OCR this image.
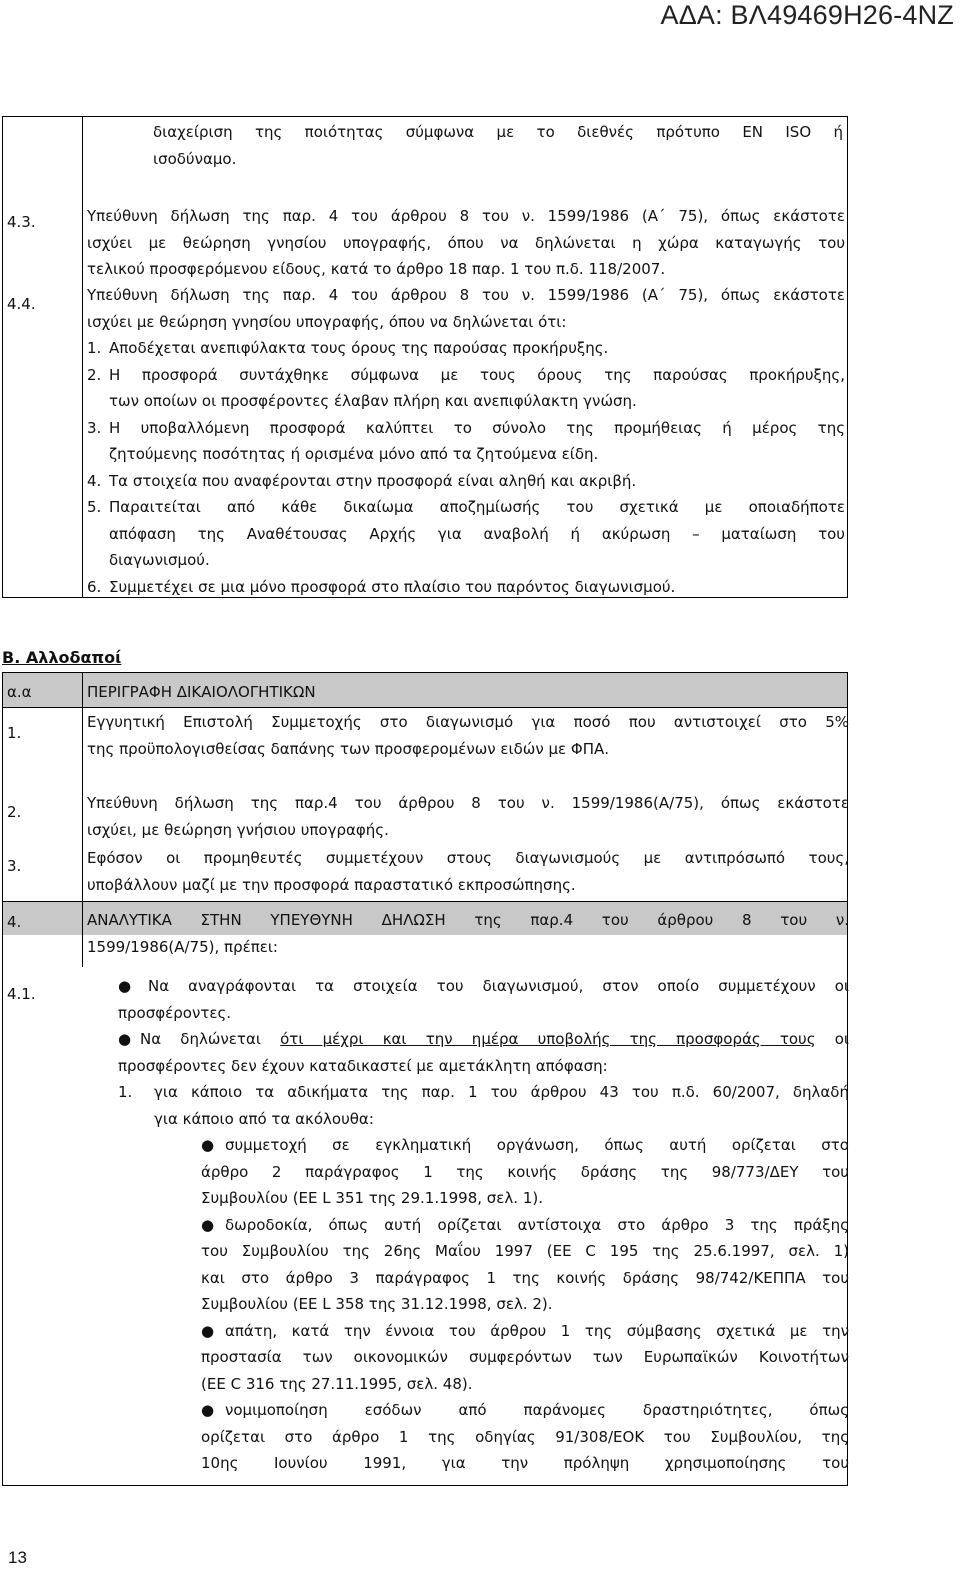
ΑΔΑ: ΒΛ49469Η26-4ΝΖ
διαχείριση της ποιότητας σύμφωνα με το διεθνές πρότυπο EN ISO ή
ισοδύναμο.
4.3.	Υπεύθυνη δήλωση της παρ. 4 του άρθρου 8 του ν. 1599/1986 (Α΄ 75), όπως εκάστοτε
ισχύει με θεώρηση γνησίου υπογραφής, όπου να δηλώνεται η χώρα καταγωγής του
τελικού προσφερόμενου είδους, κατά το άρθρο 18 παρ. 1 του π.δ. 118/2007.
4.4.	Υπεύθυνη δήλωση της παρ. 4 του άρθρου 8 του ν. 1599/1986 (Α΄ 75), όπως εκάστοτε
ισχύει με θεώρηση γνησίου υπογραφής, όπου να δηλώνεται ότι:
1. Αποδέχεται ανεπιφύλακτα τους όρους της παρούσας προκήρυξης.
2. Η προσφορά συντάχθηκε σύμφωνα με τους όρους της παρούσας προκήρυξης,
των οποίων οι προσφέροντες έλαβαν πλήρη και ανεπιφύλακτη γνώση.
3. Η υποβαλλόμενη προσφορά καλύπτει το σύνολο της προμήθειας ή μέρος της
ζητούμενης ποσότητας ή ορισμένα μόνο από τα ζητούμενα είδη.
4. Τα στοιχεία που αναφέρονται στην προσφορά είναι αληθή και ακριβή.
5. Παραιτείται από κάθε δικαίωμα αποζημίωσής του σχετικά με οποιαδήποτε
απόφαση της Αναθέτουσας Αρχής για αναβολή ή ακύρωση – ματαίωση του
διαγωνισμού.
6. Συμμετέχει σε μια μόνο προσφορά στο πλαίσιο του παρόντος διαγωνισμού.
Β. Αλλοδαποί
α.α	ΠΕΡΙΓΡΑΦΗ ΔΙΚΑΙΟΛΟΓΗΤΙΚΩΝ
1.
Εγγυητική Επιστολή Συμμετοχής στο διαγωνισμό για ποσό που αντιστοιχεί στο 5%
της προϋπολογισθείσας δαπάνης των προσφερομένων ειδών με ΦΠΑ.
2.	Υπεύθυνη δήλωση της παρ.4 του άρθρου 8 του ν. 1599/1986(Α/75), όπως εκάστοτε
ισχύει, με θεώρηση γνήσιου υπογραφής.
3.	Εφόσον οι προμηθευτές συμμετέχουν στους διαγωνισμούς με αντιπρόσωπό τους,
υποβάλλουν μαζί με την προσφορά παραστατικό εκπροσώπησης.
4.	ΑΝΑΛΥΤΙΚΑ ΣΤΗΝ ΥΠΕΥΘΥΝΗ ΔΗΛΩΣΗ της παρ.4 του άρθρου 8 του ν.
1599/1986(Α/75), πρέπει:
4.1.	● Να αναγράφονται τα στοιχεία του διαγωνισμού, στον οποίο συμμετέχουν οι
προσφέροντες.
● Να δηλώνεται ότι μέχρι και την ημέρα υποβολής της προσφοράς τους οι
προσφέροντες δεν έχουν καταδικαστεί με αμετάκλητη απόφαση:
1.	για κάποιο τα αδικήματα της παρ. 1 του άρθρου 43 του π.δ. 60/2007, δηλαδή
για κάποιο από τα ακόλουθα:
● συμμετοχή σε εγκληματική οργάνωση, όπως αυτή ορίζεται στο
άρθρο 2 παράγραφος 1 της κοινής δράσης της 98/773/ΔΕΥ του
Συμβουλίου (ΕΕ L 351 της 29.1.1998, σελ. 1).
● δωροδοκία, όπως αυτή ορίζεται αντίστοιχα στο άρθρο 3 της πράξης
του Συμβουλίου της 26ης Μαΐου 1997 (ΕΕ C 195 της 25.6.1997, σελ. 1)
και στο άρθρο 3 παράγραφος 1 της κοινής δράσης 98/742/ΚΕΠΠΑ του
Συμβουλίου (ΕΕ L 358 της 31.12.1998, σελ. 2).
● απάτη, κατά την έννοια του άρθρου 1 της σύμβασης σχετικά με την
προστασία των οικονομικών συμφερόντων των Ευρωπαϊκών Κοινοτήτων
(ΕΕ C 316 της 27.11.1995, σελ. 48).
● νομιμοποίηση εσόδων από παράνομες δραστηριότητες, όπως
ορίζεται στο άρθρο 1 της οδηγίας 91/308/ΕΟΚ του Συμβουλίου, της
10ης Ιουνίου 1991, για την πρόληψη χρησιμοποίησης του
13
